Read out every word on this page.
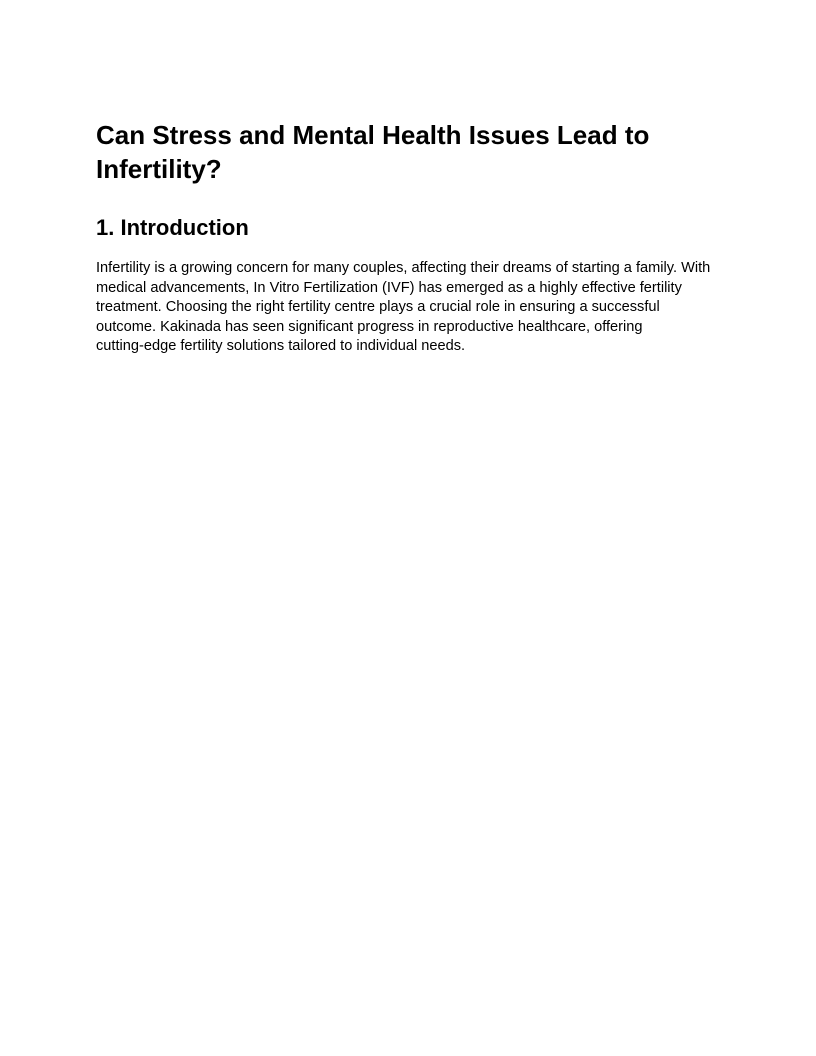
Can Stress and Mental Health Issues Lead to
Infertility?
1. Introduction

Infertility is a growing concern for many couples, affecting their dreams of starting a family. With
medical advancements, In Vitro Fertilization (IVF) has emerged as a highly effective fertility
treatment. Choosing the right fertility centre plays a crucial role in ensuring a successful
outcome. Kakinada has seen significant progress in reproductive healthcare, offering
cutting-edge fertility solutions tailored to individual needs.
